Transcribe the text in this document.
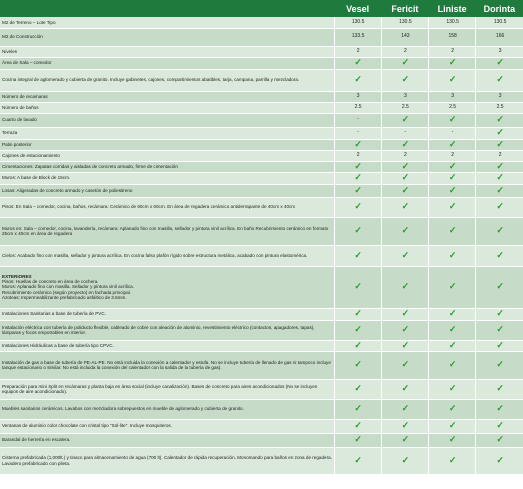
	Vesel	Fericit	Liniste	Dorinta
M2 de Terreno – Lote Tipo	130.5	130.5	130.5	130.5
M2 de Construcción	133.5	143	158	166
Niveles	2	2	2	3
Área de Sala – comedor	✓	✓	✓	✓
Cocina integral de aglomerado y cubierta de granito. Incluye gabinetes, cajones, compartimientos abatibles, tarja, campana, parrilla y mezcladora.	✓	✓	✓	✓
Número de recamaras	3	3	3	3
Número de baños	2.5	2.5	2.5	2.5
Cuarto de lavado	-	✓	✓	✓
Terraza	-	-	-	✓
Patio posterior	✓	✓	✓	✓
Cajones de estacionamiento	2	2	2	2
Cimentaciones: Zapatas corridas y aisladas de concreto armado, firme de cimentación	✓	✓	✓	✓
Muros: A base de Block de 15cm.	✓	✓	✓	✓
Losas: Aligeradas de concreto armado y casetón de poliestireno	✓	✓	✓	✓
Pisos: En Sala – comedor, cocina, baños, recámara: Cerámico de 60cm x 60cm. En área de regadera cerámico antiderrapante de 40cm x 40cm	✓	✓	✓	✓
Muros en: Sala – comedor, cocina, lavandería, recámara: Aplanado fino con masilla, sellador y pintura vinil acrílica. En baño Recubrimiento cerámico en formato 25cm x 40cm en área de regadera	✓	✓	✓	✓
Cielos: Acabado fino con masilla, sellador y pintura acrílica. En cocina falso plafón rígido sobre estructura metálica, acabado con pintura elastomérica.	✓	✓	✓	✓
EXTERIORES
Pisos: Huellas de concreto en área de cochera.
Muros: Aplanado fino con masilla. Sellador y pintura vinil acrílica.
Recubrimiento cerámico (según proyecto) en fachada principal.
Azoteas: Impermeabilizante prefabricado asfáltico de 3.5mm.	✓	✓	✓	✓
Instalaciones Sanitarias a base de tubería de PVC.	✓	✓	✓	✓
Instalación eléctrica con tubería de poliducto flexible, cableado de cobre con aleación de aluminio, revestimiento eléctrico (contactos, apagadores, tapas), lámparas y focos empotrables en interior.	✓	✓	✓	✓
Instalaciones Hidráulicas a base de tubería tipo CPVC.	✓	✓	✓	✓
Instalación de gas a base de tubería de PE-AL-PE. No está incluida la conexión a calentador y estufa. No se incluye tubería de llenado de gas ni tampoco incluye tanque estacionario o similar. No está incluida la conexión del calentador con la salida de la tubería de gas).	✓	✓	✓	✓
Preparación para mini Split en recámaras y planta baja en área social (incluye canalización). Bases de concreto para aires acondicionados (No se incluyen equipos de aire acondicionado).	✓	✓	✓	✓
Muebles sanitarios cerámicos. Lavabos con mezcladora sobrepuestos en mueble de aglomerado y cubierta de granito.	✓	✓	✓	✓
Ventanas de aluminio color chocolate con cristal tipo "Sol-lite". Incluye mosquiteros.	✓	✓	✓	✓
Barandal de herrería en escalera.	✓	✓	✓	✓
Cisterna prefabricada (1,000lt.) y tinaco para almacenamiento de agua (700 lt). Calentador de rápida recuperación. Monomando para baños en zona de regadera. Lavadero prefabricado con pileta.	✓	✓	✓	✓
